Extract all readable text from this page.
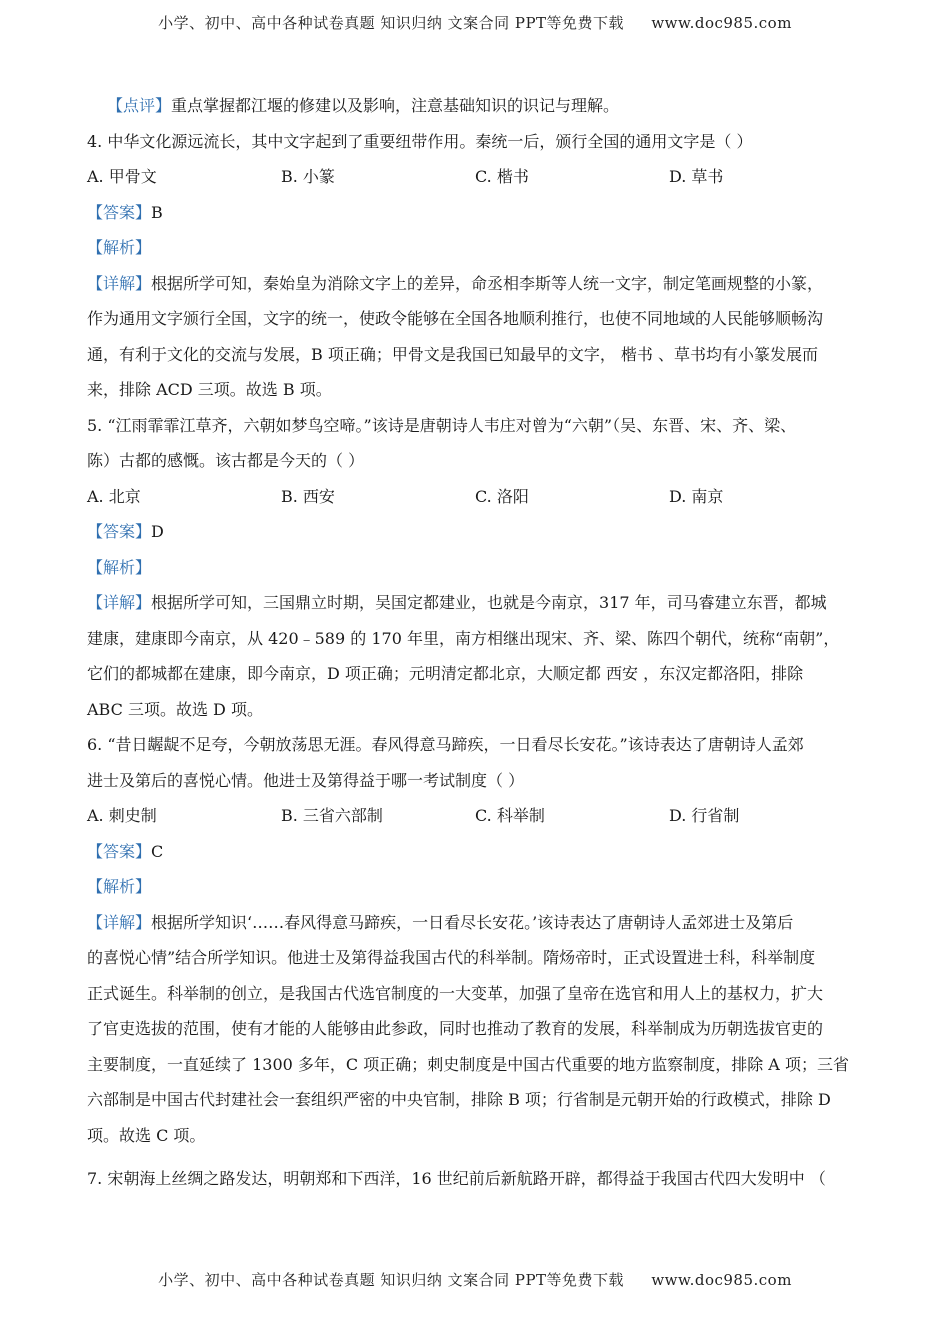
小学、初中、高中各种试卷真题 知识归纳 文案合同 PPT等免费下载 www.doc985.com
【点评】重点掌握都江堰的修建以及影响，注意基础知识的识记与理解。
4. 中华文化源远流长，其中文字起到了重要纽带作用。秦统一后，颁行全国的通用文字是（ ）
A. 甲骨文	B. 小篆	C. 楷书	D. 草书
【答案】B
【解析】
【详解】根据所学可知，秦始皇为消除文字上的差异，命丞相李斯等人统一文字，制定笔画规整的小篆，
作为通用文字颁行全国，文字的统一，使政令能够在全国各地顺利推行，也使不同地域的人民能够顺畅沟
通，有利于文化的交流与发展，B 项正确；甲骨文是我国已知最早的文字， 楷书 、草书均有小篆发展而
来，排除 ACD 三项。故选 B 项。
5. “江雨霏霏江草齐，六朝如梦鸟空啼。”该诗是唐朝诗人韦庄对曾为“六朝”（吴、东晋、宋、齐、梁、
陈）古都的感慨。该古都是今天的（ ）
A. 北京	B. 西安	C. 洛阳	D. 南京
【答案】D
【解析】
【详解】根据所学可知，三国鼎立时期，吴国定都建业，也就是今南京，317 年，司马睿建立东晋，都城
建康，建康即今南京，从 420﹣589 的 170 年里，南方相继出现宋、齐、梁、陈四个朝代，统称“南朝”，
它们的都城都在建康，即今南京，D 项正确；元明清定都北京，大顺定都 西安 ，东汉定都洛阳，排除
ABC 三项。故选 D 项。
6. “昔日龌龊不足夸，今朝放荡思无涯。春风得意马蹄疾，一日看尽长安花。”该诗表达了唐朝诗人孟郊
进士及第后的喜悦心情。他进士及第得益于哪一考试制度（ ）
A. 刺史制	B. 三省六部制	C. 科举制	D. 行省制
【答案】C
【解析】
【详解】根据所学知识‘……春风得意马蹄疾，一日看尽长安花。’该诗表达了唐朝诗人孟郊进士及第后
的喜悦心情”结合所学知识。他进士及第得益我国古代的科举制。隋炀帝时，正式设置进士科，科举制度
正式诞生。科举制的创立，是我国古代选官制度的一大变革，加强了皇帝在选官和用人上的基权力，扩大
了官吏选拔的范围，使有才能的人能够由此参政，同时也推动了教育的发展，科举制成为历朝选拔官吏的
主要制度，一直延续了 1300 多年，C 项正确；刺史制度是中国古代重要的地方监察制度，排除 A 项；三省
六部制是中国古代封建社会一套组织严密的中央官制，排除 B 项；行省制是元朝开始的行政模式，排除 D
项。故选 C 项。
7. 宋朝海上丝绸之路发达，明朝郑和下西洋，16 世纪前后新航路开辟，都得益于我国古代四大发明中 （
小学、初中、高中各种试卷真题 知识归纳 文案合同 PPT等免费下载 www.doc985.com
